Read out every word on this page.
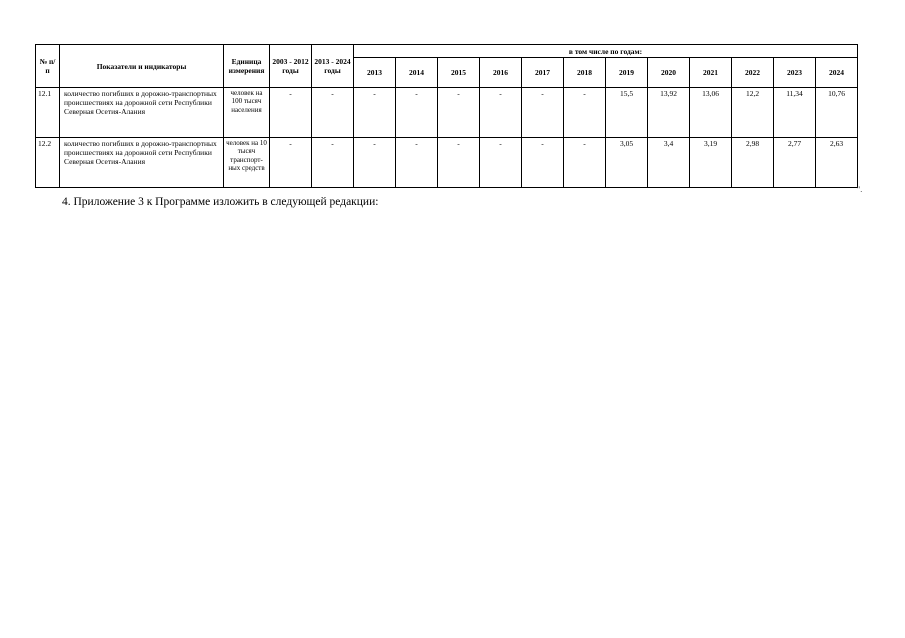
№ п/п	Показатели и индикаторы	Единица измерения	2003 - 2012 годы	2013 - 2024 годы	в том числе по годам:											
					2013	2014	2015	2016	2017	2018	2019	2020	2021	2022	2023	2024
12.1	количество погибших в дорожно-транспортных происшествиях на дорожной сети Республики Северная Осетия-Алания	человек на 100 тысяч населения	-	-	-	-	-	-	-	-	15,5	13,92	13,06	12,2	11,34	10,76
12.2	количество погибших в дорожно-транспортных происшествиях на дорожной сети Республики Северная Осетия-Алания	человек на 10 тысяч транспорт-ных средств	-	-	-	-	-	-	-	-	3,05	3,4	3,19	2,98	2,77	2,63
4. Приложение 3 к Программе изложить в следующей редакции:
".
